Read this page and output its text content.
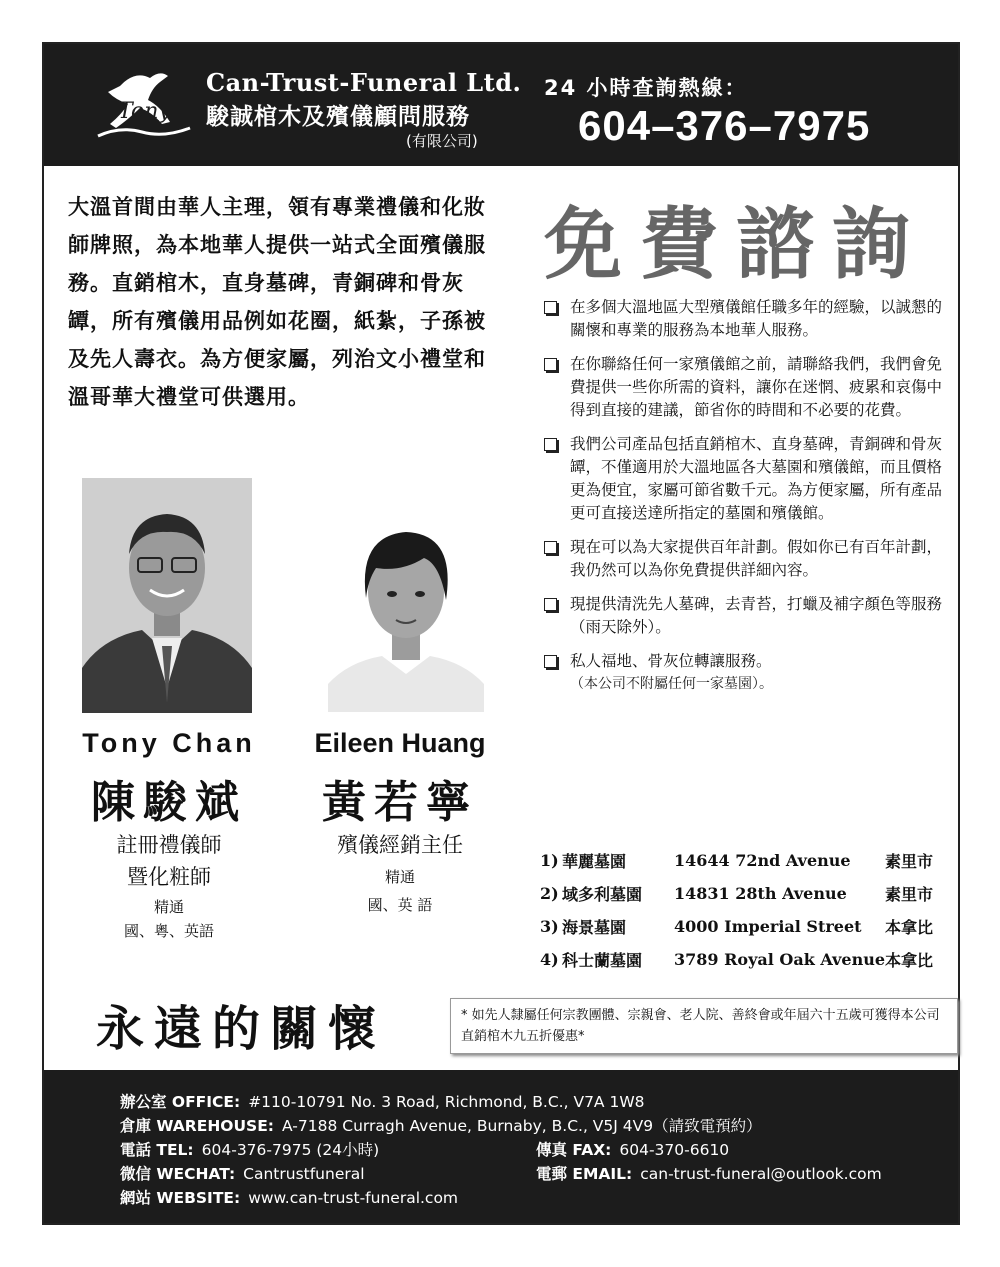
Tony
Can-Trust-Funeral Ltd.
駿誠棺木及殯儀顧問服務
(有限公司)
24 小時查詢熱線：
604–376–7975
大溫首間由華人主理，領有專業禮儀和化妝師牌照，為本地華人提供一站式全面殯儀服務。直銷棺木，直身墓碑，青銅碑和骨灰罈，所有殯儀用品例如花圈，紙紮，子孫被及先人壽衣。為方便家屬，列治文小禮堂和溫哥華大禮堂可供選用。
免費諮詢
在多個大溫地區大型殯儀館任職多年的經驗，以誠懇的關懷和專業的服務為本地華人服務。
在你聯絡任何一家殯儀館之前，請聯絡我們，我們會免費提供一些你所需的資料，讓你在迷惘、疲累和哀傷中得到直接的建議，節省你的時間和不必要的花費。
我們公司產品包括直銷棺木、直身墓碑，青銅碑和骨灰罈，不僅適用於大溫地區各大墓園和殯儀館，而且價格更為便宜，家屬可節省數千元。為方便家屬，所有產品更可直接送達所指定的墓園和殯儀館。
現在可以為大家提供百年計劃。假如你已有百年計劃，我仍然可以為你免費提供詳細內容。
現提供清洗先人墓碑，去青苔，打蠟及補字顏色等服務（雨天除外）。
私人福地、骨灰位轉讓服務。
（本公司不附屬任何一家墓園）。
Tony Chan
陳駿斌
註冊禮儀師
暨化粧師
精通
國、粵、英語
Eileen Huang
黃若寧
殯儀經銷主任
精通
國、英 語
1)	華麗墓園	14644 72nd Avenue	素里市
2)	域多利墓園	14831 28th Avenue	素里市
3)	海景墓園	4000 Imperial Street	本拿比
4)	科士蘭墓園	3789 Royal Oak Avenue	本拿比
永遠的關懷	* 如先人隸屬任何宗教團體、宗親會、老人院、善終會或年屆六十五歲可獲得本公司直銷棺木九五折優惠*
辦公室 OFFICE: #110-10791 No. 3 Road, Richmond, B.C., V7A 1W8
倉庫 WAREHOUSE: A-7188 Curragh Avenue, Burnaby, B.C., V5J 4V9（請致電預約）
電話 TEL: 604-376-7975 (24小時)	傳真 FAX: 604-370-6610
微信 WECHAT: Cantrustfuneral	電郵 EMAIL: can-trust-funeral@outlook.com
網站 WEBSITE: www.can-trust-funeral.com
